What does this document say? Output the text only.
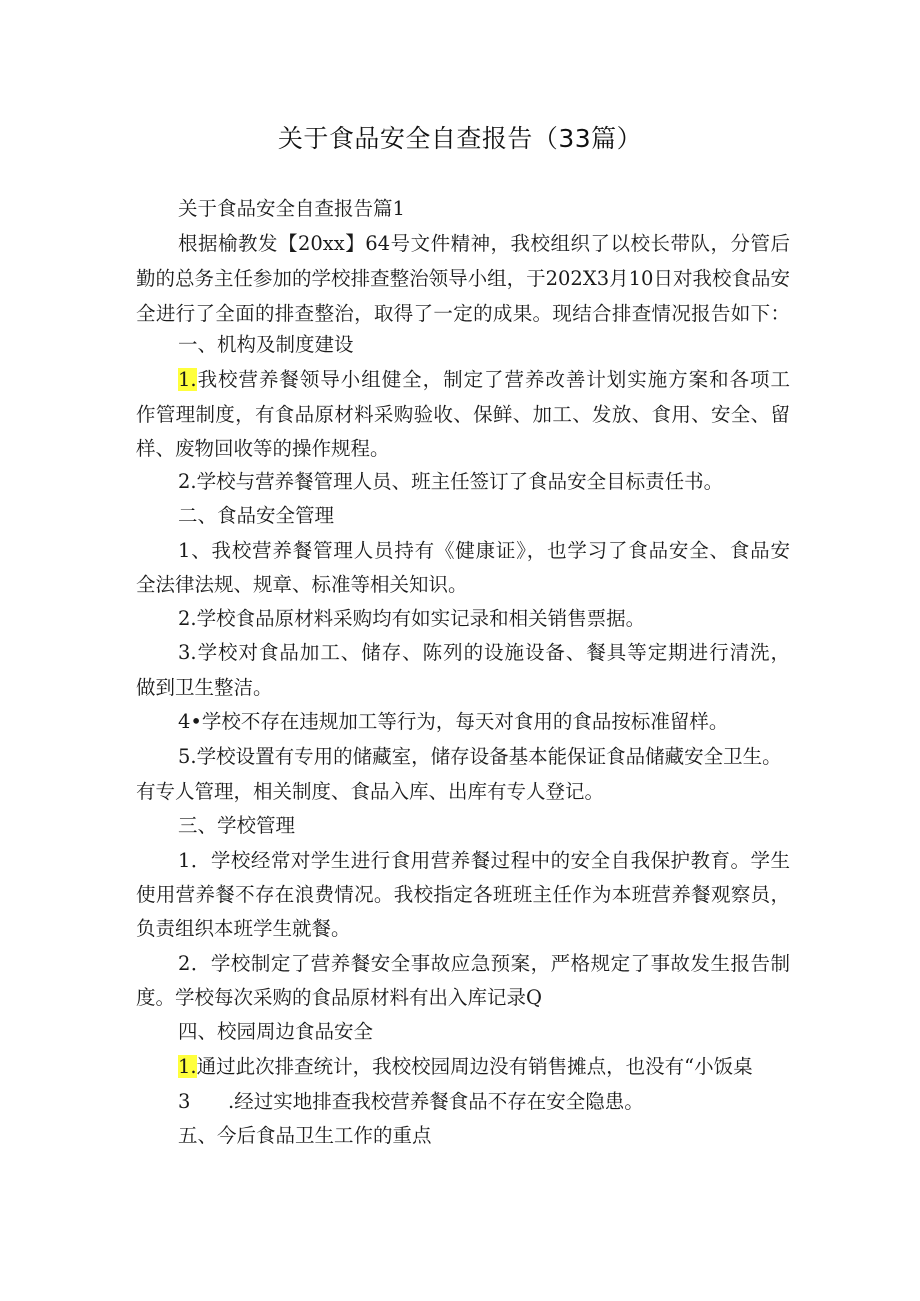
关于食品安全自查报告（33篇）
关于食品安全自查报告篇1
根据榆教发【20xx】64号文件精神，我校组织了以校长带队，分管后
勤的总务主任参加的学校排查整治领导小组，于202X3月10日对我校食品安
全进行了全面的排查整治，取得了一定的成果。现结合排查情况报告如下：
一、机构及制度建设
1.我校营养餐领导小组健全，制定了营养改善计划实施方案和各项工
作管理制度，有食品原材料采购验收、保鲜、加工、发放、食用、安全、留
样、废物回收等的操作规程。
2.学校与营养餐管理人员、班主任签订了食品安全目标责任书。
二、食品安全管理
1、我校营养餐管理人员持有《健康证》，也学习了食品安全、食品安
全法律法规、规章、标准等相关知识。
2.学校食品原材料采购均有如实记录和相关销售票据。
3.学校对食品加工、储存、陈列的设施设备、餐具等定期进行清洗，
做到卫生整洁。
4•学校不存在违规加工等行为，每天对食用的食品按标准留样。
5.学校设置有专用的储藏室，储存设备基本能保证食品储藏安全卫生。
有专人管理，相关制度、食品入库、出库有专人登记。
三、学校管理
1．学校经常对学生进行食用营养餐过程中的安全自我保护教育。学生
使用营养餐不存在浪费情况。我校指定各班班主任作为本班营养餐观察员，
负责组织本班学生就餐。
2．学校制定了营养餐安全事故应急预案，严格规定了事故发生报告制
度。学校每次采购的食品原材料有出入库记录Q
四、校园周边食品安全
1.通过此次排查统计，我校校园周边没有销售摊点，也没有“小饭桌
3 .经过实地排查我校营养餐食品不存在安全隐患。
五、今后食品卫生工作的重点
